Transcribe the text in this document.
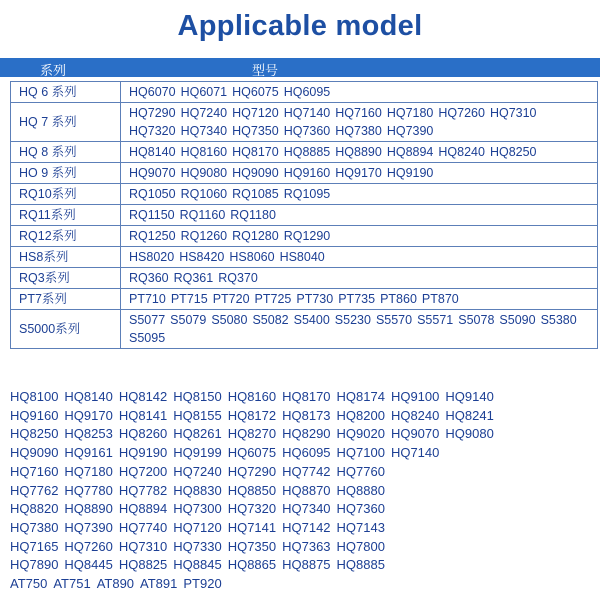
Applicable model
系列	型号
HQ 6 系列	HQ6070 HQ6071 HQ6075 HQ6095
HQ 7 系列	HQ7290 HQ7240 HQ7120 HQ7140 HQ7160 HQ7180 HQ7260 HQ7310HQ7320 HQ7340 HQ7350 HQ7360 HQ7380 HQ7390
HQ 8 系列	HQ8140 HQ8160 HQ8170 HQ8885 HQ8890 HQ8894 HQ8240 HQ8250
HO 9 系列	HQ9070 HQ9080 HQ9090 HQ9160 HQ9170 HQ9190
RQ10系列	RQ1050 RQ1060 RQ1085 RQ1095
RQ11系列	RQ1150 RQ1160 RQ1180
RQ12系列	RQ1250 RQ1260 RQ1280 RQ1290
HS8系列	HS8020 HS8420 HS8060 HS8040
RQ3系列	RQ360 RQ361 RQ370
PT7系列	PT710 PT715 PT720 PT725 PT730 PT735 PT860 PT870
S5000系列	S5077 S5079 S5080 S5082 S5400 S5230 S5570 S5571 S5078 S5090 S5380S5095
HQ8100 HQ8140 HQ8142 HQ8150 HQ8160 HQ8170 HQ8174 HQ9100 HQ9140
HQ9160 HQ9170 HQ8141 HQ8155 HQ8172 HQ8173 HQ8200 HQ8240 HQ8241
HQ8250 HQ8253 HQ8260 HQ8261 HQ8270 HQ8290 HQ9020 HQ9070 HQ9080
HQ9090 HQ9161 HQ9190 HQ9199 HQ6075 HQ6095 HQ7100 HQ7140
HQ7160 HQ7180 HQ7200 HQ7240 HQ7290 HQ7742 HQ7760
HQ7762 HQ7780 HQ7782 HQ8830 HQ8850 HQ8870 HQ8880
HQ8820 HQ8890 HQ8894 HQ7300 HQ7320 HQ7340 HQ7360
HQ7380 HQ7390 HQ7740 HQ7120 HQ7141 HQ7142 HQ7143
HQ7165 HQ7260 HQ7310 HQ7330 HQ7350 HQ7363 HQ7800
HQ7890 HQ8445 HQ8825 HQ8845 HQ8865 HQ8875 HQ8885
AT750 AT751 AT890 AT891 PT920
